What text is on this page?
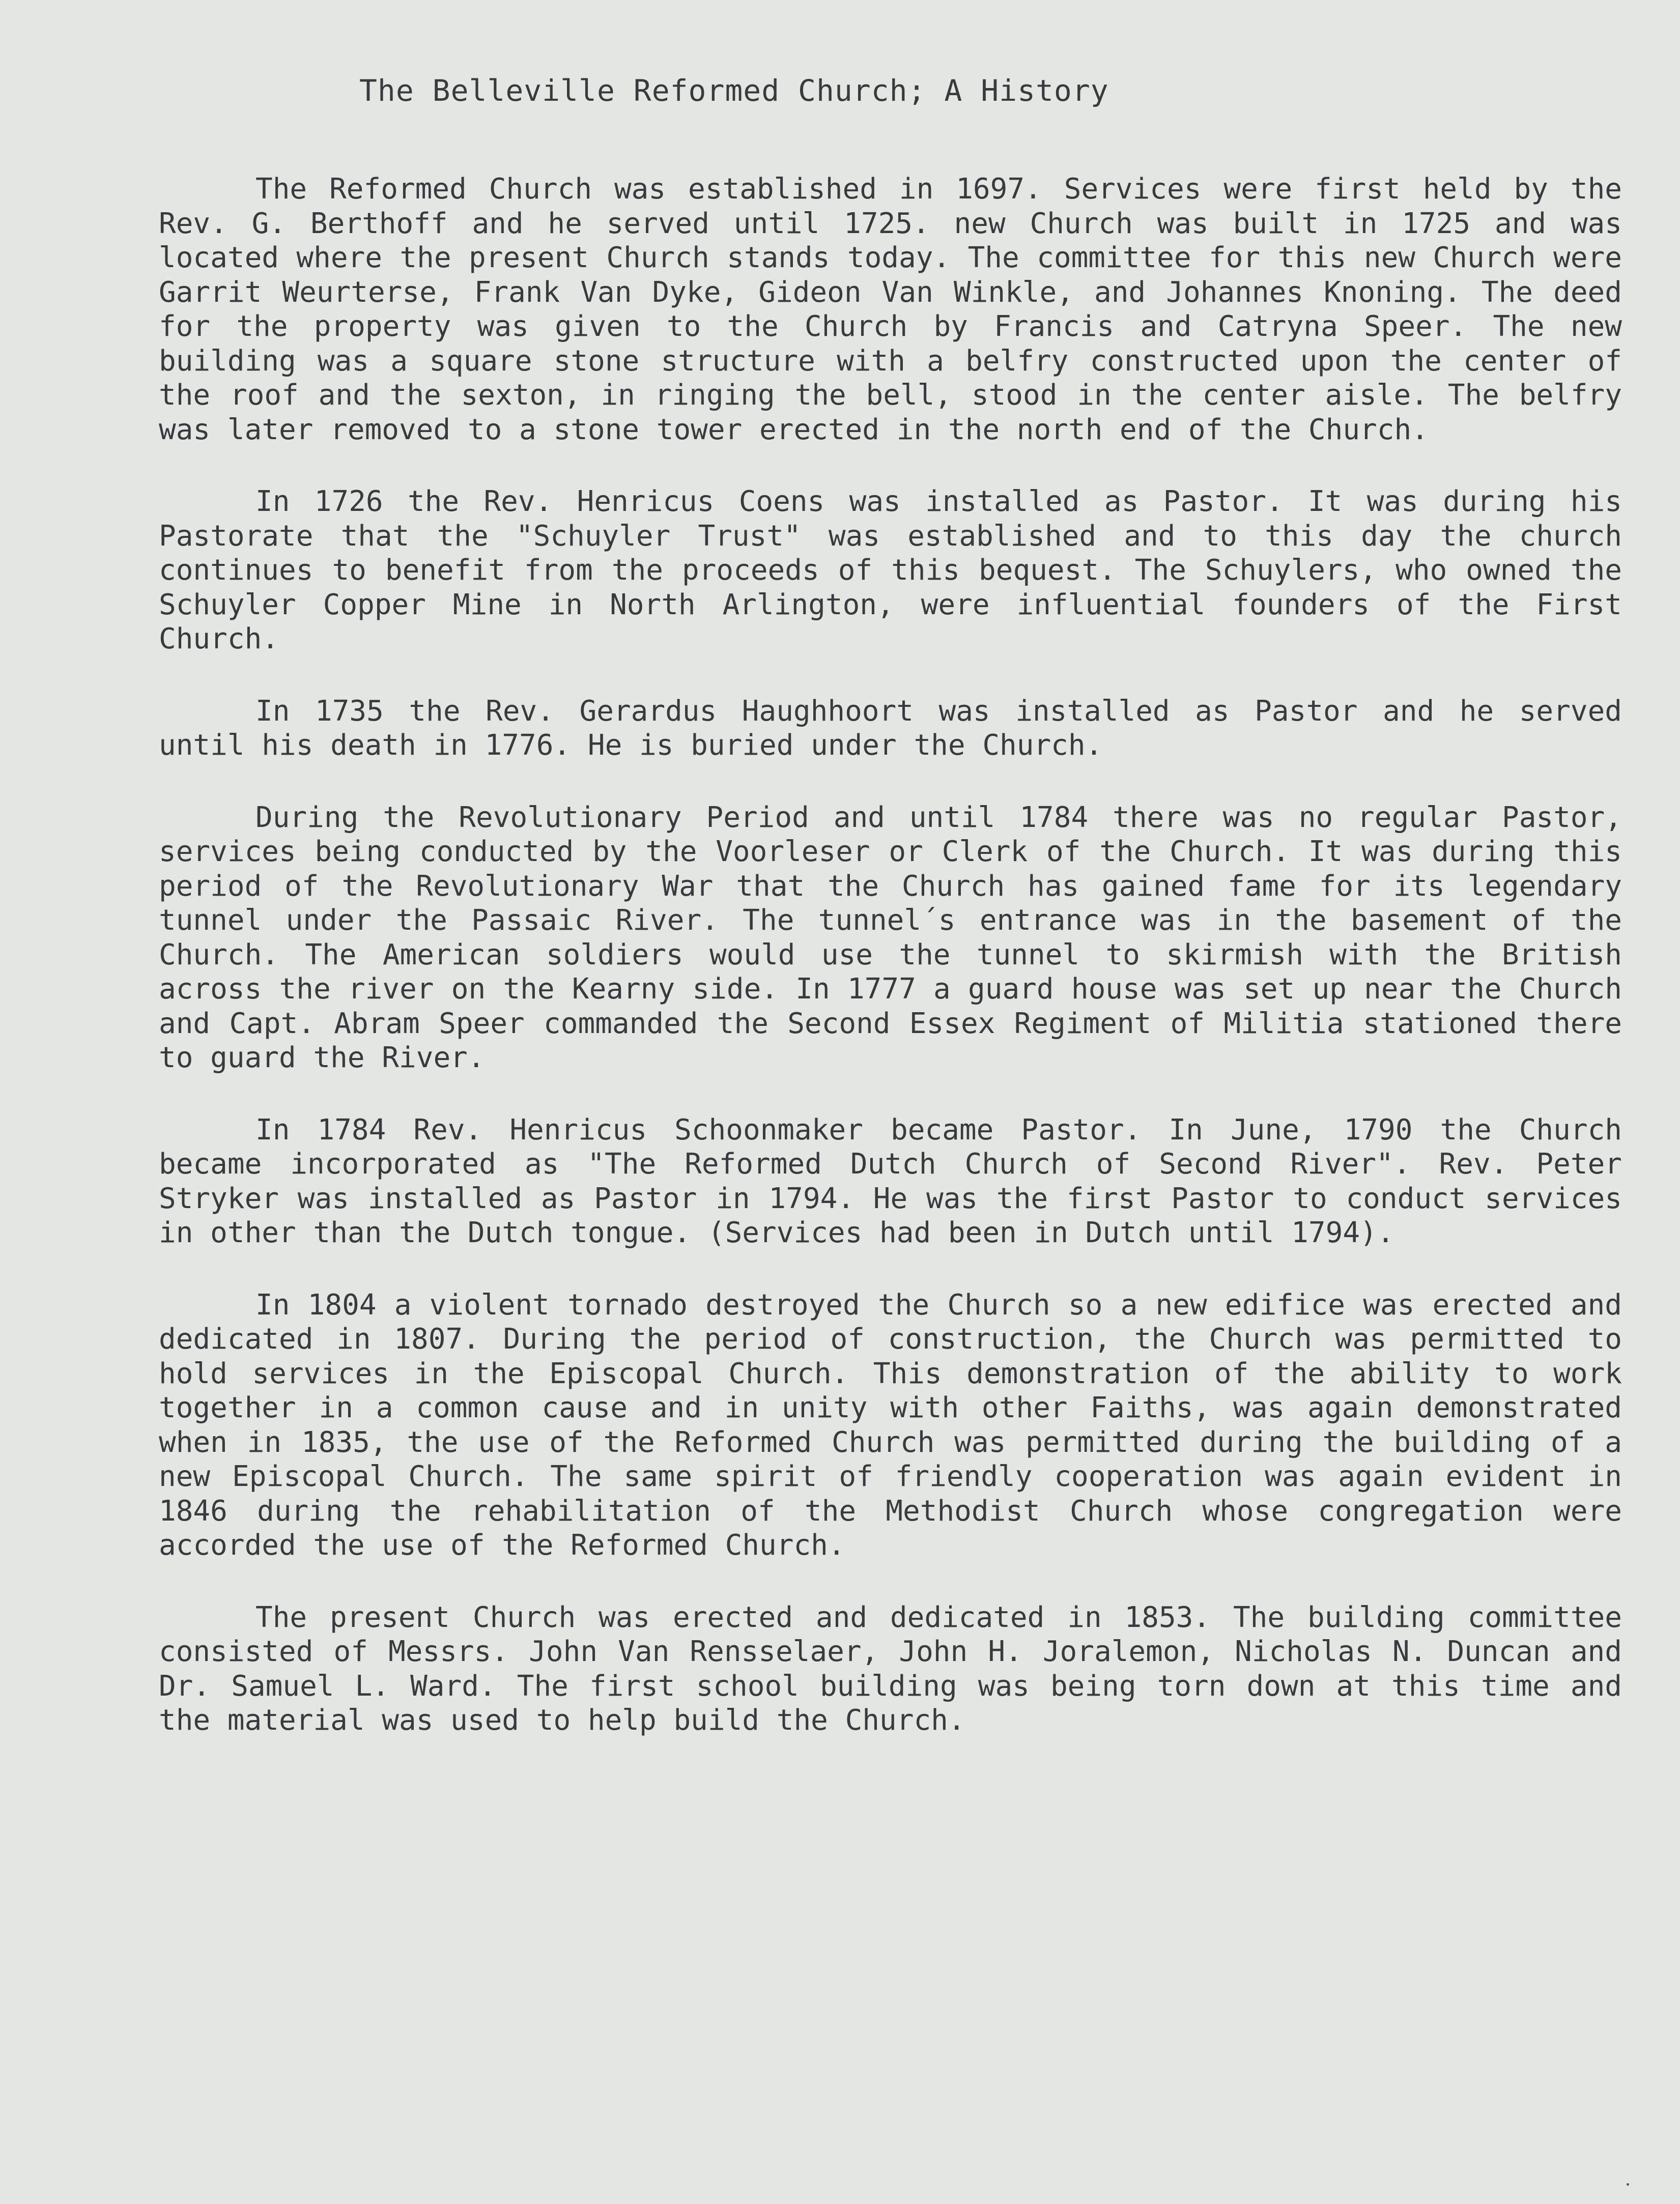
The Belleville Reformed Church; A History

The Reformed Church was established in 1697. Services were first held by the Rev. G. Berthoff and he served until 1725. new Church was built in 1725 and was located where the present Church stands today. The committee for this new Church were Garrit Weurterse, Frank Van Dyke, Gideon Van Winkle, and Johannes Knoning. The deed for the property was given to the Church by Francis and Catryna Speer. The new building was a square stone structure with a belfry constructed upon the center of the roof and the sexton, in ringing the bell, stood in the center aisle. The belfry was later removed to a stone tower erected in the north end of the Church.

In 1726 the Rev. Henricus Coens was installed as Pastor. It was during his Pastorate that the "Schuyler Trust" was established and to this day the church continues to benefit from the proceeds of this bequest. The Schuylers, who owned the Schuyler Copper Mine in North Arlington, were influential founders of the First Church.

In 1735 the Rev. Gerardus Haughhoort was installed as Pastor and he served until his death in 1776. He is buried under the Church.

During the Revolutionary Period and until 1784 there was no regular Pastor, services being conducted by the Voorleser or Clerk of the Church. It was during this period of the Revolutionary War that the Church has gained fame for its legendary tunnel under the Passaic River. The tunnel´s entrance was in the basement of the Church. The American soldiers would use the tunnel to skirmish with the British across the river on the Kearny side. In 1777 a guard house was set up near the Church and Capt. Abram Speer commanded the Second Essex Regiment of Militia stationed there to guard the River.

In 1784 Rev. Henricus Schoonmaker became Pastor. In June, 1790 the Church became incorporated as "The Reformed Dutch Church of Second River". Rev. Peter Stryker was installed as Pastor in 1794. He was the first Pastor to conduct services in other than the Dutch tongue. (Services had been in Dutch until 1794).

In 1804 a violent tornado destroyed the Church so a new edifice was erected and dedicated in 1807. During the period of construction, the Church was permitted to hold services in the Episcopal Church. This demonstration of the ability to work together in a common cause and in unity with other Faiths, was again demonstrated when in 1835, the use of the Reformed Church was permitted during the building of a new Episcopal Church. The same spirit of friendly cooperation was again evident in 1846 during the rehabilitation of the Methodist Church whose congregation were accorded the use of the Reformed Church.

The present Church was erected and dedicated in 1853. The building committee consisted of Messrs. John Van Rensselaer, John H. Joralemon, Nicholas N. Duncan and Dr. Samuel L. Ward. The first school building was being torn down at this time and the material was used to help build the Church.
